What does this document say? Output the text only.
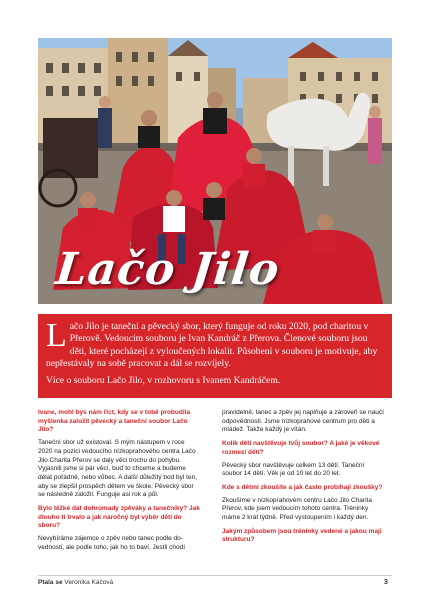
Lačo Jilo

Lačo Jilo je taneční a pěvecký sbor, který funguje od roku 2020, pod charitou v Přerově. Vedoucím souboru je Ivan Kandráč z Přerova. Členové souboru jsou děti, které pocházejí z vyloučených lokalit. Působení v souboru je motivuje, aby nepřestávaly na sobě pracovat a dál se rozvíjely.

Více o souboru Lačo Jilo, v rozhovoru s Ivanem Kandráčem.

Ivane, mohl bys nám říct, kdy se v tobě probudila myšlenka založit pěvecký a taneční soubor Lačo Jilo?

Taneční sbor už existoval. S mým nástupem v roce 2020 na pozici vedoucího nízkoprahového centra Lačo Jilo Charita Přerov se daly věci trochu do pohybu. Vyjasnili jsme si pár věcí, buď to chceme a budeme dělat pořádně, nebo vůbec. A další důležitý bod byl ten, aby se zlepšil prospěch dětem ve škole. Pěvecký sbor se následně založil. Funguje asi rok a půl.

Bylo těžké dát dohromady zpěváky a tanečníky? Jak dlouho ti trvalo a jak náročný byl výběr dětí do sboru?

Nevybíráme zájemce o zpěv nebo tanec podle dovednosti, ale podle toho, jak ho to baví. Jestli chodí

pravidelně, tanec a zpěv jej naplňuje a zároveň se naučí odpovědnosti. Jsme nízkoprahové centrum pro děti a mládež. Takže každý je vítán.

Kolik dětí navštěvuje tvůj soubor? A jaké je věkové rozmezí dětí?

Pěvecký sbor navštěvuje celkem 13 dětí. Taneční soubor 14 dětí. Věk je od 10 let do 20 let.

Kde s dětmi zkoušíte a jak často probíhají zkoušky?

Zkoušíme v nízkoprahovém centru Lačo Jilo Charita Přerov, kde jsem vedoucím tohoto centra. Tréninky máme 2 krát týdně. Před vystoupením i každý den.

Jakým způsobem jsou tréninky vedené a jakou mají strukturu?

Ptala se Veronika Kačová	3
